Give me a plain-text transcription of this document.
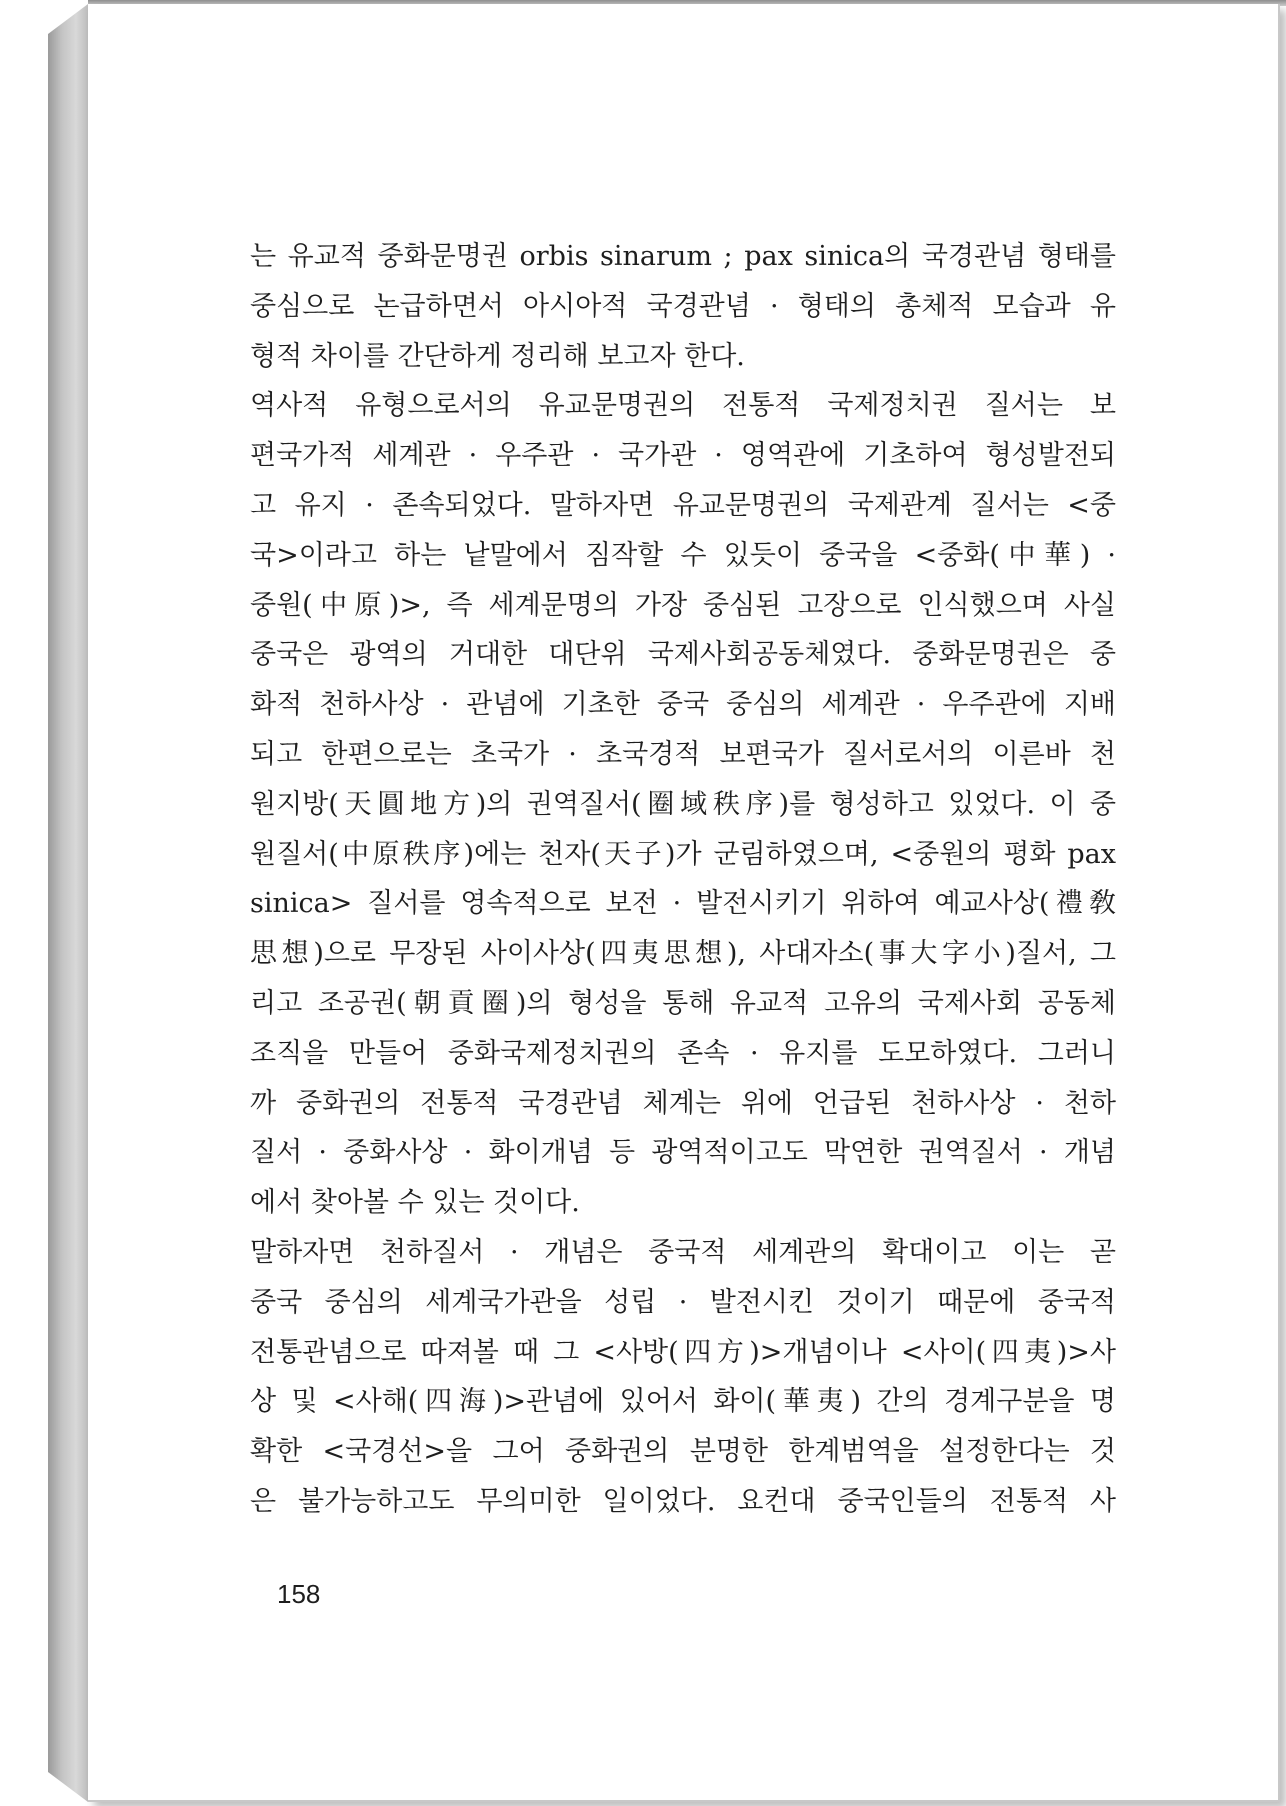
는 유교적 중화문명권 orbis sinarum ; pax sinica의 국경관념 형태를
중심으로 논급하면서 아시아적 국경관념 · 형태의 총체적 모습과 유
형적 차이를 간단하게 정리해 보고자 한다.
역사적 유형으로서의 유교문명권의 전통적 국제정치권 질서는 보
편국가적 세계관 · 우주관 · 국가관 · 영역관에 기초하여 형성발전되
고 유지 · 존속되었다. 말하자면 유교문명권의 국제관계 질서는 <중
국>이라고 하는 낱말에서 짐작할 수 있듯이 중국을 <중화(中華) ·
중원(中原)>, 즉 세계문명의 가장 중심된 고장으로 인식했으며 사실
중국은 광역의 거대한 대단위 국제사회공동체였다. 중화문명권은 중
화적 천하사상 · 관념에 기초한 중국 중심의 세계관 · 우주관에 지배
되고 한편으로는 초국가 · 초국경적 보편국가 질서로서의 이른바 천
원지방(天圓地方)의 권역질서(圈域秩序)를 형성하고 있었다. 이 중
원질서(中原秩序)에는 천자(天子)가 군림하였으며, <중원의 평화 pax
sinica> 질서를 영속적으로 보전 · 발전시키기 위하여 예교사상(禮敎
思想)으로 무장된 사이사상(四夷思想), 사대자소(事大字小)질서, 그
리고 조공권(朝貢圈)의 형성을 통해 유교적 고유의 국제사회 공동체
조직을 만들어 중화국제정치권의 존속 · 유지를 도모하였다. 그러니
까 중화권의 전통적 국경관념 체계는 위에 언급된 천하사상 · 천하
질서 · 중화사상 · 화이개념 등 광역적이고도 막연한 권역질서 · 개념
에서 찾아볼 수 있는 것이다.
말하자면 천하질서 · 개념은 중국적 세계관의 확대이고 이는 곧
중국 중심의 세계국가관을 성립 · 발전시킨 것이기 때문에 중국적
전통관념으로 따져볼 때 그 <사방(四方)>개념이나 <사이(四夷)>사
상 및 <사해(四海)>관념에 있어서 화이(華夷) 간의 경계구분을 명
확한 <국경선>을 그어 중화권의 분명한 한계범역을 설정한다는 것
은 불가능하고도 무의미한 일이었다. 요컨대 중국인들의 전통적 사
158
